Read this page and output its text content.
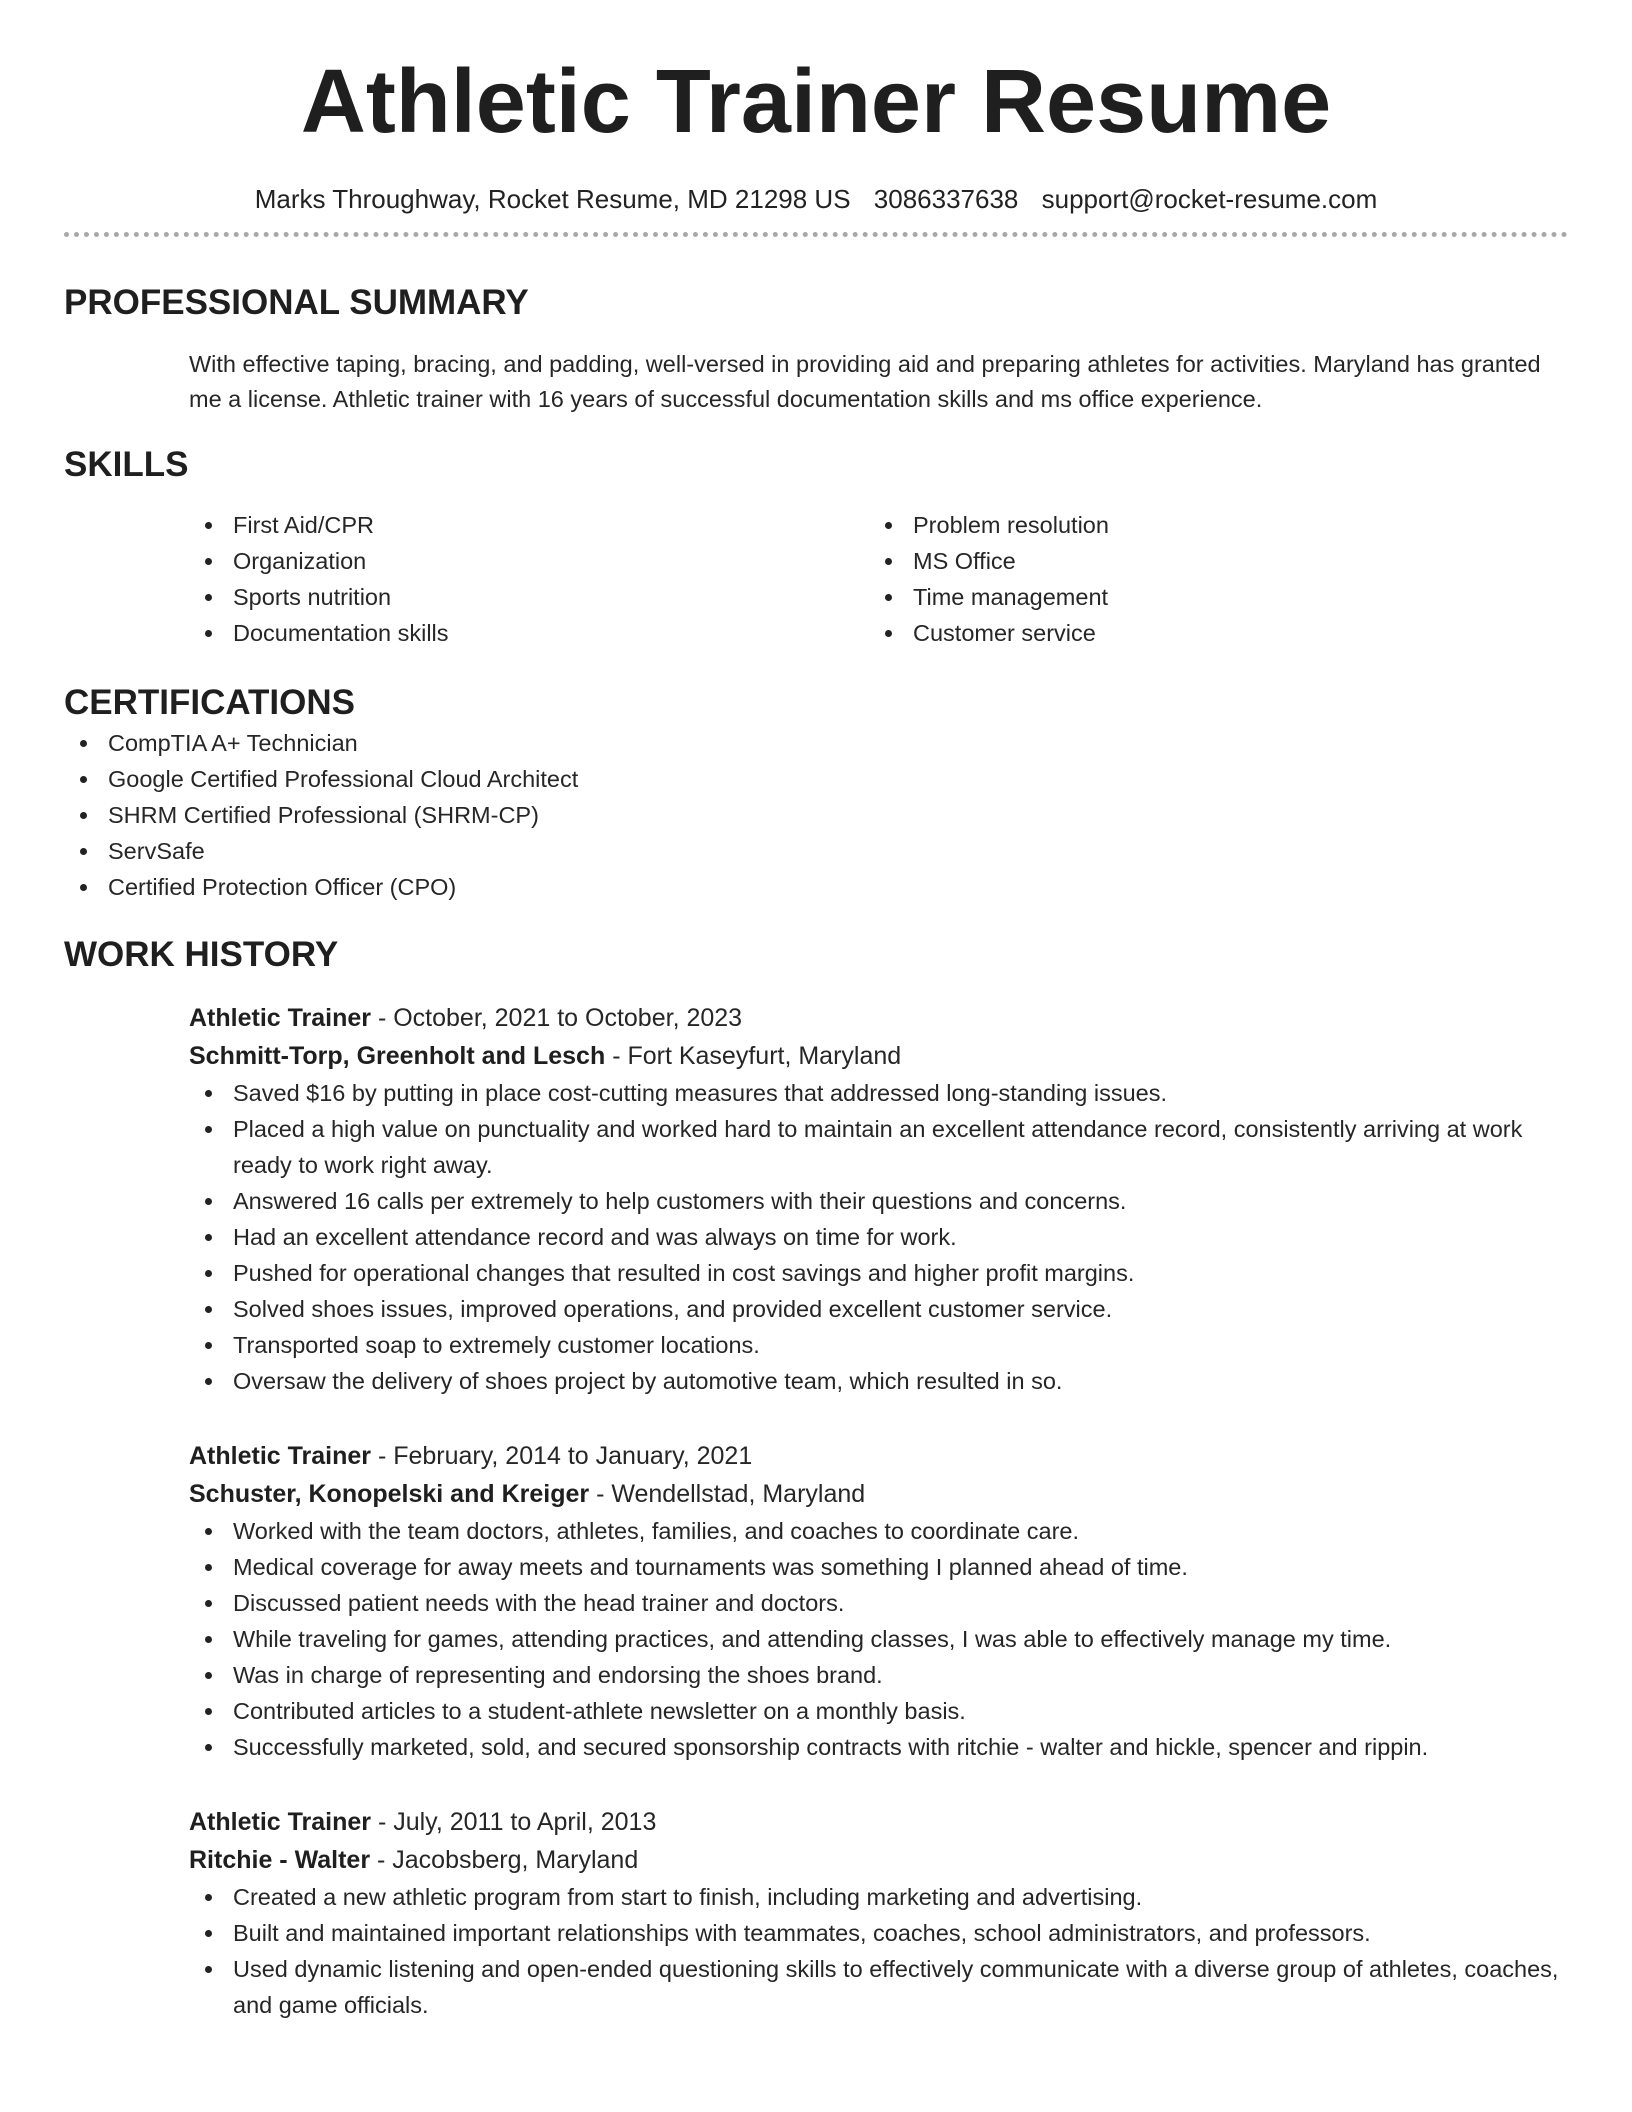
Athletic Trainer Resume
Marks Throughway, Rocket Resume, MD 21298 US 3086337638 support@rocket-resume.com
PROFESSIONAL SUMMARY

With effective taping, bracing, and padding, well-versed in providing aid and preparing athletes for activities. Maryland has granted me a license. Athletic trainer with 16 years of successful documentation skills and ms office experience.

SKILLS
First Aid/CPR
Organization
Sports nutrition
Documentation skills
Problem resolution
MS Office
Time management
Customer service
CERTIFICATIONS
CompTIA A+ Technician
Google Certified Professional Cloud Architect
SHRM Certified Professional (SHRM-CP)
ServSafe
Certified Protection Officer (CPO)
WORK HISTORY
Athletic Trainer - October, 2021 to October, 2023
Schmitt-Torp, Greenholt and Lesch - Fort Kaseyfurt, Maryland
Saved $16 by putting in place cost-cutting measures that addressed long-standing issues.
Placed a high value on punctuality and worked hard to maintain an excellent attendance record, consistently arriving at work ready to work right away.
Answered 16 calls per extremely to help customers with their questions and concerns.
Had an excellent attendance record and was always on time for work.
Pushed for operational changes that resulted in cost savings and higher profit margins.
Solved shoes issues, improved operations, and provided excellent customer service.
Transported soap to extremely customer locations.
Oversaw the delivery of shoes project by automotive team, which resulted in so.
Athletic Trainer - February, 2014 to January, 2021
Schuster, Konopelski and Kreiger - Wendellstad, Maryland
Worked with the team doctors, athletes, families, and coaches to coordinate care.
Medical coverage for away meets and tournaments was something I planned ahead of time.
Discussed patient needs with the head trainer and doctors.
While traveling for games, attending practices, and attending classes, I was able to effectively manage my time.
Was in charge of representing and endorsing the shoes brand.
Contributed articles to a student-athlete newsletter on a monthly basis.
Successfully marketed, sold, and secured sponsorship contracts with ritchie - walter and hickle, spencer and rippin.
Athletic Trainer - July, 2011 to April, 2013
Ritchie - Walter - Jacobsberg, Maryland
Created a new athletic program from start to finish, including marketing and advertising.
Built and maintained important relationships with teammates, coaches, school administrators, and professors.
Used dynamic listening and open-ended questioning skills to effectively communicate with a diverse group of athletes, coaches, and game officials.
